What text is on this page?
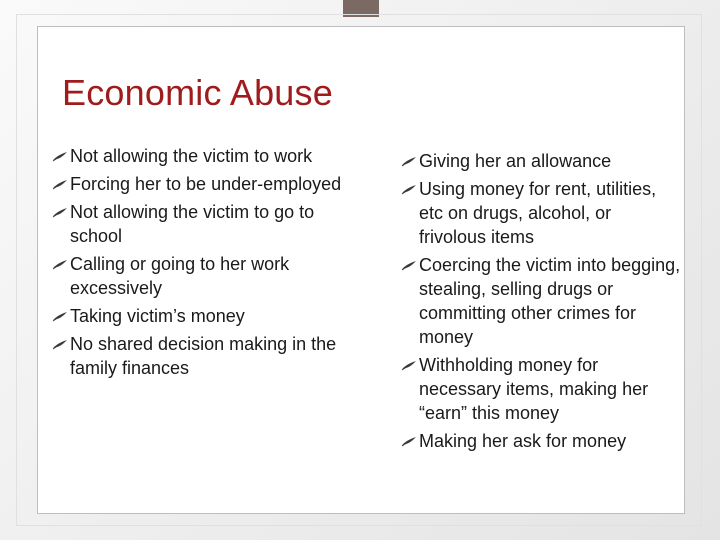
Economic Abuse
Not allowing the victim to work
Forcing her to be under-employed
Not allowing the victim to go to school
Calling or going to her work excessively
Taking victim’s money
No shared decision making in the family finances
Giving her an allowance
Using money for rent, utilities, etc on drugs, alcohol, or frivolous items
Coercing the victim into begging, stealing, selling drugs or committing other crimes for money
Withholding money for necessary items, making her “earn” this money
Making her ask for money
